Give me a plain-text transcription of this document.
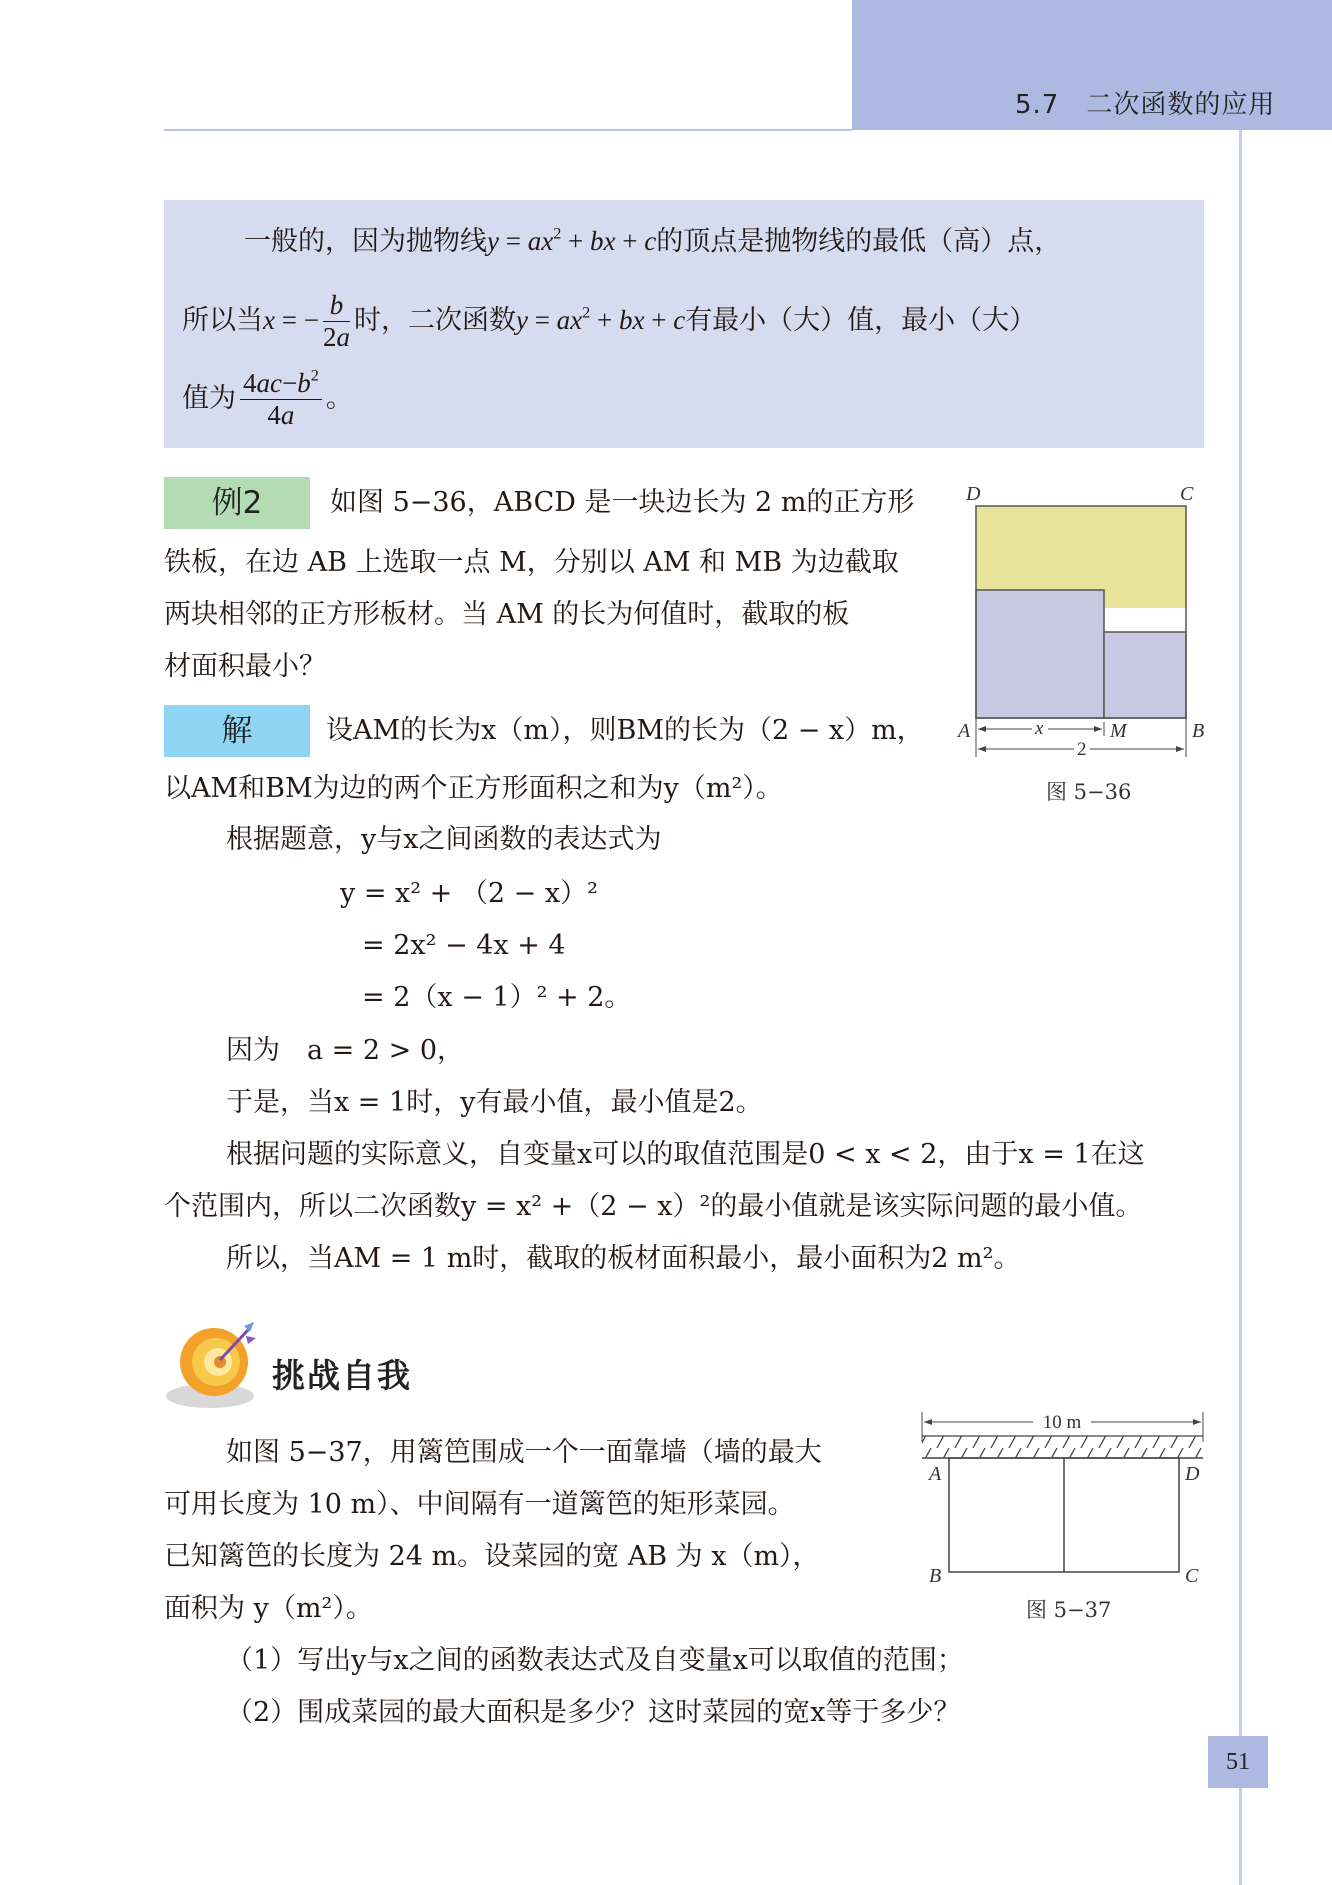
5.7　二次函数的应用
一般的，因为抛物线$y = ax^2$ + bx + c的顶点是抛物线的最低（高）点，
所以当x = − $\frac{b}{2a}$ 时，二次函数$y = ax^2$ + bx + c有最小（大）值，最小（大）
值为 $\frac{4ac-b^2}{4a}$ 。
例2	如图 5−36，ABCD 是一块边长为 2 m的正方形
铁板，在边 AB 上选取一点 M，分别以 AM 和 MB 为边截取
两块相邻的正方形板材。当 AM 的长为何值时，截取的板
材面积最小？
D	C
A	B
M
x
2
图 5−36
解	设AM的长为x（m），则BM的长为（2 − x）m，
以AM和BM为边的两个正方形面积之和为y（m²）。
根据题意，y与x之间函数的表达式为
y = x² + （2 − x）²
= 2x² − 4x + 4
= 2（x − 1）² + 2。
因为　a = 2 > 0，
于是，当x = 1时，y有最小值，最小值是2。
根据问题的实际意义，自变量x可以的取值范围是0 < x < 2，由于x = 1在这
个范围内，所以二次函数y = x² +（2 − x）²的最小值就是该实际问题的最小值。
所以，当AM = 1 m时，截取的板材面积最小，最小面积为2 m²。
挑战自我
如图 5−37，用篱笆围成一个一面靠墙（墙的最大
可用长度为 10 m）、中间隔有一道篱笆的矩形菜园。
已知篱笆的长度为 24 m。设菜园的宽 AB 为 x（m），
面积为 y（m²）。
（1）写出y与x之间的函数表达式及自变量x可以取值的范围；
（2）围成菜园的最大面积是多少？这时菜园的宽x等于多少？
10 m
A	D
B	C
图 5−37
51
